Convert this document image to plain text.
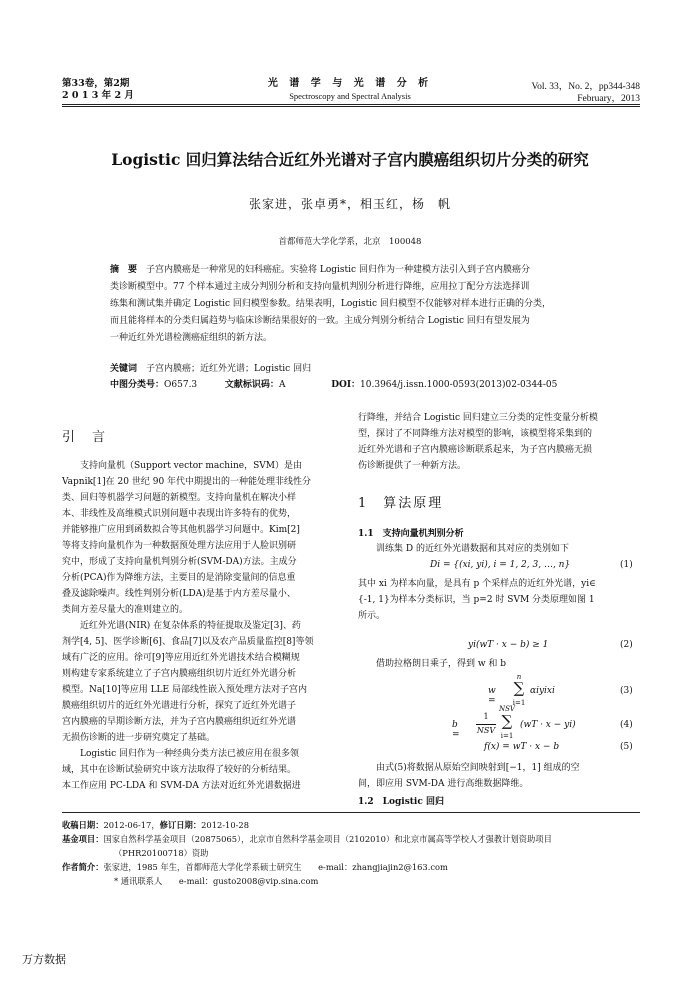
第33卷，第2期
2 0 1 3 年 2 月
光 谱 学 与 光 谱 分 析
Spectroscopy and Spectral Analysis
Vol. 33，No. 2，pp344-348
February，2013
Logistic 回归算法结合近红外光谱对子宫内膜癌组织切片分类的研究
张家进，张卓勇*，相玉红，杨　帆
首都师范大学化学系，北京　100048
摘　要　 子宫内膜癌是一种常见的妇科癌症。实验将 Logistic 回归作为一种建模方法引入到子宫内膜癌分
类诊断模型中。77 个样本通过主成分判别分析和支持向量机判别分析进行降维，应用拉丁配分方法选择训
练集和测试集并确定 Logistic 回归模型参数。结果表明，Logistic 回归模型不仅能够对样本进行正确的分类，
而且能将样本的分类归属趋势与临床诊断结果很好的一致。主成分判别分析结合 Logistic 回归有望发展为
一种近红外光谱检测癌症组织的新方法。
关键词　 子宫内膜癌；近红外光谱；Logistic 回归
中图分类号：O657.3	文献标识码：A	DOI：10.3964/j.issn.1000-0593(2013)02-0344-05
引　言
　　支持向量机（Support vector machine，SVM）是由
Vapnik[1]在 20 世纪 90 年代中期提出的一种能处理非线性分
类、回归等机器学习问题的新模型。支持向量机在解决小样
本、非线性及高维模式识别问题中表现出许多特有的优势，
并能够推广应用到函数拟合等其他机器学习问题中。Kim[2]
等将支持向量机作为一种数据预处理方法应用于人脸识别研
究中，形成了支持向量机判别分析(SVM-DA)方法。主成分
分析(PCA)作为降维方法，主要目的是消除变量间的信息重
叠及滤除噪声。线性判别分析(LDA)是基于内方差尽量小、
类间方差尽量大的准则建立的。
　　近红外光谱(NIR) 在复杂体系的特征提取及鉴定[3]、药
剂学[4, 5]、医学诊断[6]、食品[7]以及农产品质量监控[8]等领
域有广泛的应用。徐可[9]等应用近红外光谱技术结合模糊规
则构建专家系统建立了子宫内膜癌组织切片近红外光谱分析
模型。Na[10]等应用 LLE 局部线性嵌入预处理方法对子宫内
膜癌组织切片的近红外光谱进行分析，探究了近红外光谱子
宫内膜癌的早期诊断方法，并为子宫内膜癌组织近红外光谱
无损伤诊断的进一步研究奠定了基础。
　　Logistic 回归作为一种经典分类方法已被应用在很多领
域，其中在诊断试验研究中该方法取得了较好的分析结果。
本工作应用 PC-LDA 和 SVM-DA 方法对近红外光谱数据进
行降维，并结合 Logistic 回归建立三分类的定性变量分析模
型，探讨了不同降维方法对模型的影响，该模型将采集到的
近红外光谱和子宫内膜癌诊断联系起来，为子宫内膜癌无损
伤诊断提供了一种新方法。
1　算法原理
1.1　支持向量机判别分析
　　训练集 D 的近红外光谱数据和其对应的类别如下
Di = {(xi, yi), i = 1, 2, 3, …, n}	(1)
其中 xi 为样本向量，是具有 p 个采样点的近红外光谱，yi∈
{-1, 1}为样本分类标识，当 p=2 时 SVM 分类原理如图 1
所示。
yi(wT · x − b) ≥ 1	(2)
　　借助拉格朗日乘子，得到 w 和 b
w =
n
∑
i=1
αiyixi	(3)
b =
1
NSV
NSV
∑
i=1
(wT · x − yi)	(4)
f(x) = wT · x − b	(5)
　　由式(5)将数据从原始空间映射到[−1，1] 组成的空
间，即应用 SVM-DA 进行高维数据降维。
1.2　Logistic 回归
收稿日期：2012-06-17，修订日期：2012-10-28
基金项目：国家自然科学基金项目（20875065），北京市自然科学基金项目（2102010）和北京市属高等学校人才强教计划资助项目
（PHR20100718）资助
作者简介：张家进，1985 年生，首都师范大学化学系硕士研究生　　 e-mail：zhangjiajin2@163.com
* 通讯联系人　　 e-mail：gusto2008@vip.sina.com
万方数据
